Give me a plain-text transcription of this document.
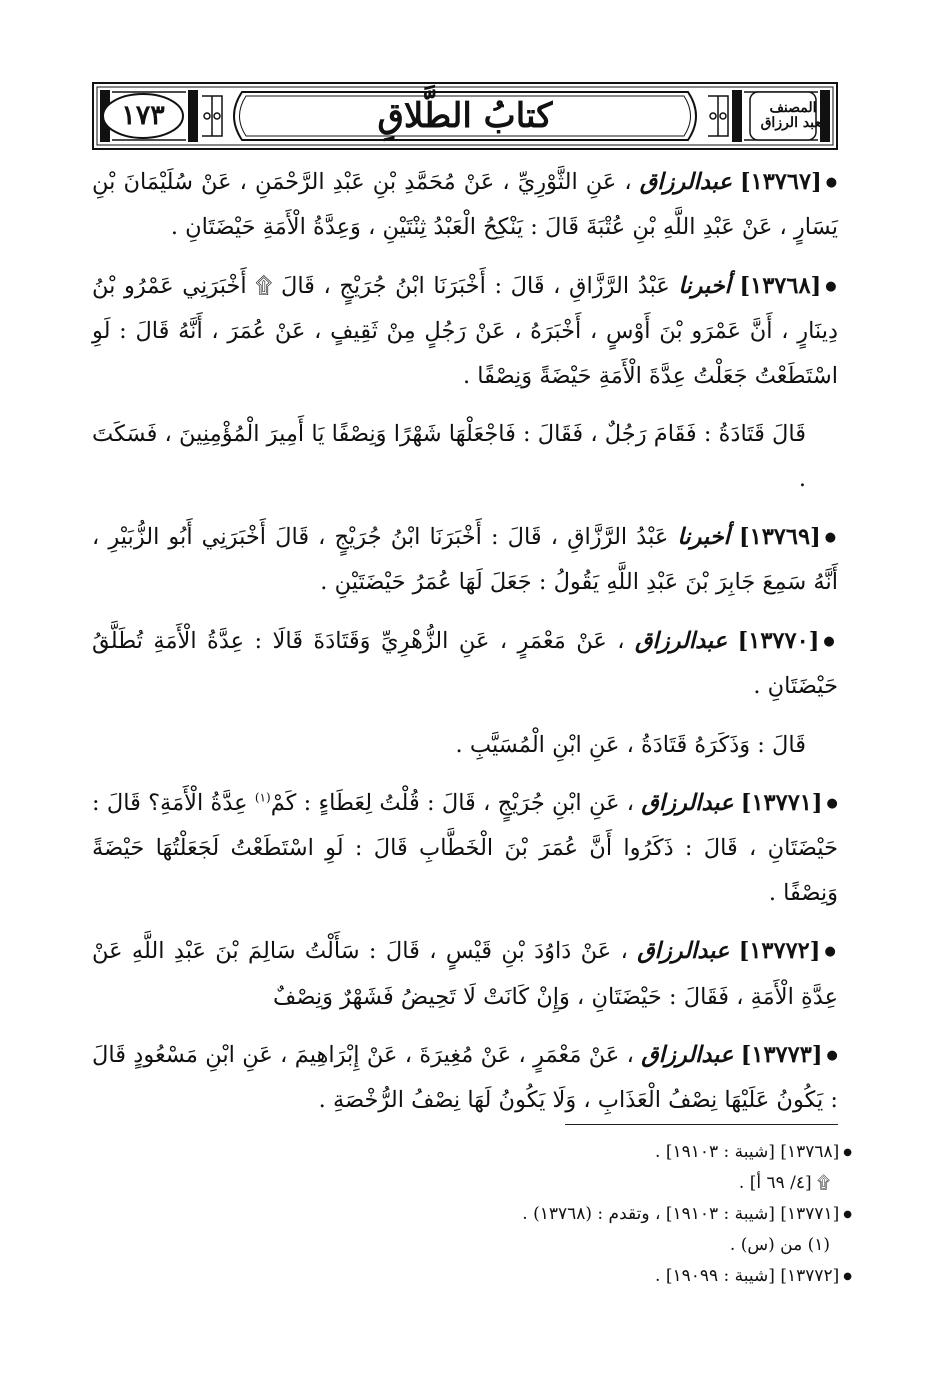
المصنف لعبد الرزاق
كتابُ الطَّلاقِ
١٧٣

●[١٣٧٦٧] عبدالرزاق ، عَنِ الثَّوْرِيِّ ، عَنْ مُحَمَّدِ بْنِ عَبْدِ الرَّحْمَنِ ، عَنْ سُلَيْمَانَ بْنِ يَسَارٍ ، عَنْ عَبْدِ اللَّهِ بْنِ عُتْبَةَ قَالَ : يَنْكِحُ الْعَبْدُ ثِنْتَيْنِ ، وَعِدَّةُ الْأَمَةِ حَيْضَتَانِ .

●[١٣٧٦٨] أخبرنا عَبْدُ الرَّزَّاقِ ، قَالَ : أَخْبَرَنَا ابْنُ جُرَيْجٍ ، قَالَ ۩ أَخْبَرَنِي عَمْرُو بْنُ دِينَارٍ ، أَنَّ عَمْرَو بْنَ أَوْسٍ ، أَخْبَرَهُ ، عَنْ رَجُلٍ مِنْ ثَقِيفٍ ، عَنْ عُمَرَ ، أَنَّهُ قَالَ : لَوِ اسْتَطَعْتُ جَعَلْتُ عِدَّةَ الْأَمَةِ حَيْضَةً وَنِصْفًا .

قَالَ قَتَادَةُ : فَقَامَ رَجُلٌ ، فَقَالَ : فَاجْعَلْهَا شَهْرًا وَنِصْفًا يَا أَمِيرَ الْمُؤْمِنِينَ ، فَسَكَتَ .

●[١٣٧٦٩] أخبرنا عَبْدُ الرَّزَّاقِ ، قَالَ : أَخْبَرَنَا ابْنُ جُرَيْجٍ ، قَالَ أَخْبَرَنِي أَبُو الزُّبَيْرِ ، أَنَّهُ سَمِعَ جَابِرَ بْنَ عَبْدِ اللَّهِ يَقُولُ : جَعَلَ لَهَا عُمَرُ حَيْضَتَيْنِ .

●[١٣٧٧٠] عبدالرزاق ، عَنْ مَعْمَرٍ ، عَنِ الزُّهْرِيِّ وَقَتَادَةَ قَالَا : عِدَّةُ الْأَمَةِ تُطَلَّقُ حَيْضَتَانِ .

قَالَ : وَذَكَرَهُ قَتَادَةُ ، عَنِ ابْنِ الْمُسَيَّبِ .

●[١٣٧٧١] عبدالرزاق ، عَنِ ابْنِ جُرَيْجٍ ، قَالَ : قُلْتُ لِعَطَاءٍ : كَمْ$^{(١)}$ عِدَّةُ الْأَمَةِ؟ قَالَ : حَيْضَتَانِ ، قَالَ : ذَكَرُوا أَنَّ عُمَرَ بْنَ الْخَطَّابِ قَالَ : لَوِ اسْتَطَعْتُ لَجَعَلْتُهَا حَيْضَةً وَنِصْفًا .

●[١٣٧٧٢] عبدالرزاق ، عَنْ دَاوُدَ بْنِ قَيْسٍ ، قَالَ : سَأَلْتُ سَالِمَ بْنَ عَبْدِ اللَّهِ عَنْ عِدَّةِ الْأَمَةِ ، فَقَالَ : حَيْضَتَانِ ، وَإِنْ كَانَتْ لَا تَحِيضُ فَشَهْرٌ وَنِصْفٌ

●[١٣٧٧٣] عبدالرزاق ، عَنْ مَعْمَرٍ ، عَنْ مُغِيرَةَ ، عَنْ إِبْرَاهِيمَ ، عَنِ ابْنِ مَسْعُودٍ قَالَ : يَكُونُ عَلَيْهَا نِصْفُ الْعَذَابِ ، وَلَا يَكُونُ لَهَا نِصْفُ الرُّخْصَةِ .

●[١٣٧٦٨] [شيبة : ١٩١٠٣] .
۩ [٤/ ٦٩ أ] .
●[١٣٧٧١] [شيبة : ١٩١٠٣] ، وتقدم : (١٣٧٦٨) .
(١) من (س) .
●[١٣٧٧٢] [شيبة : ١٩٠٩٩] .
